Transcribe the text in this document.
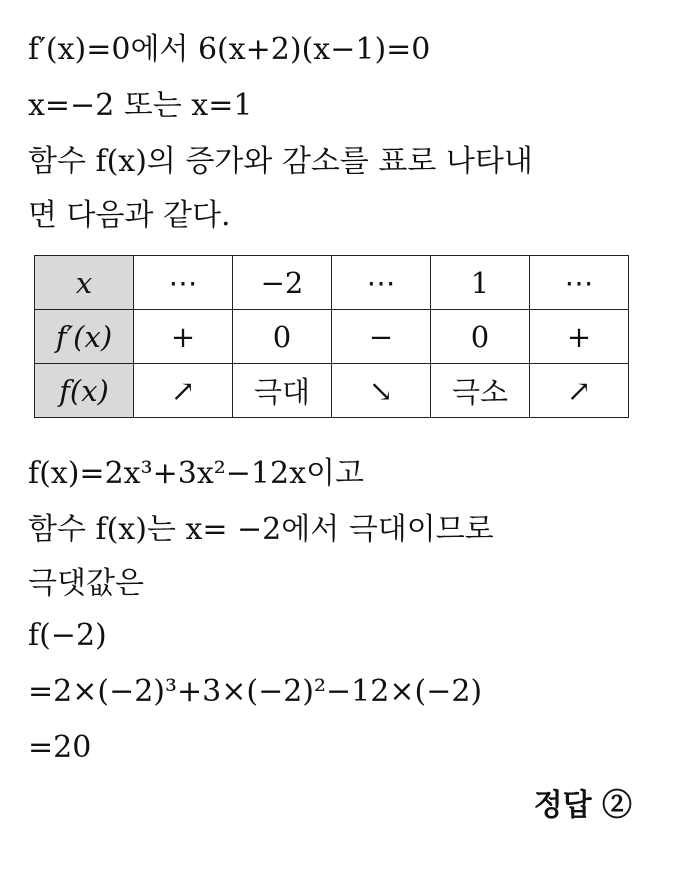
f′(x)=0에서 6(x+2)(x−1)=0
x=−2 또는 x=1
함수 f(x)의 증가와 감소를 표로 나타내
면 다음과 같다.
x	⋯	−2	⋯	1	⋯
f′(x)	+	0	−	0	+
f(x)	↗	극대	↘	극소	↗
f(x)=2x³+3x²−12x이고
함수 f(x)는 x= −2에서 극대이므로
극댓값은
f(−2)
=2×(−2)³+3×(−2)²−12×(−2)
=20
정답 ②
